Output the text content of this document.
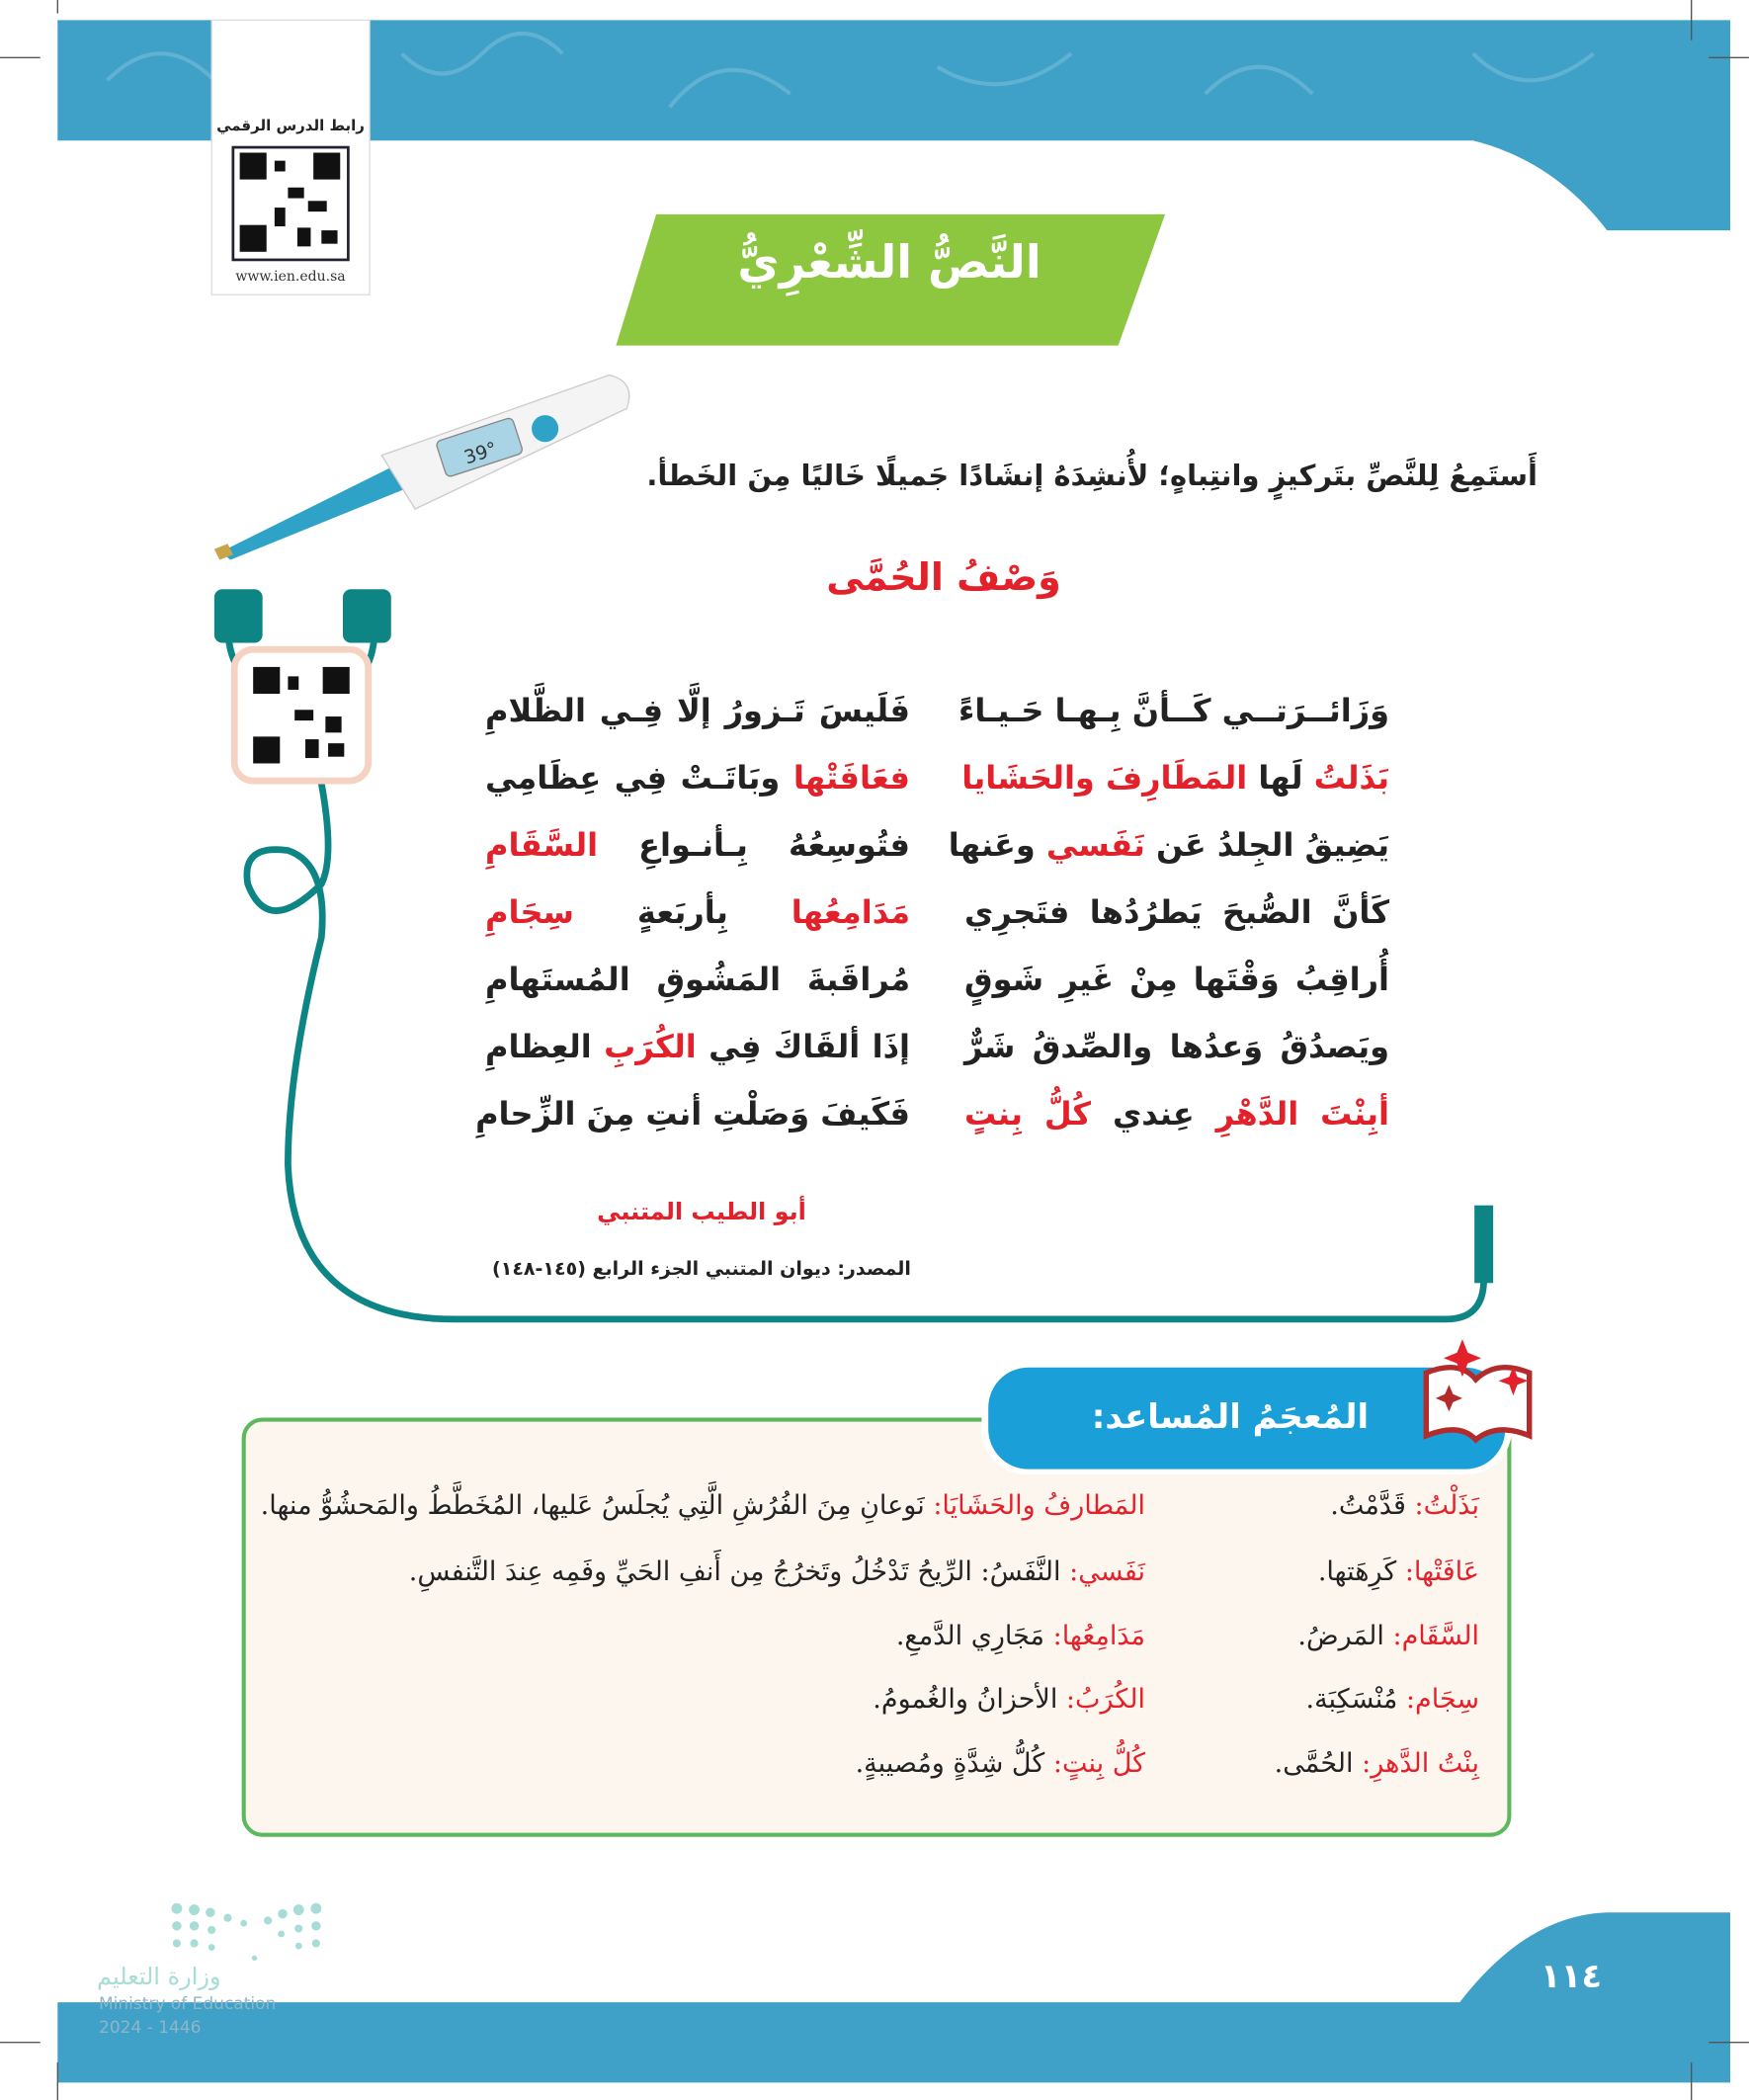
39°
رابط الدرس الرقمي
www.ien.edu.sa	النَّصُّ الشِّعْرِيُّ
أَستَمِعُ لِلنَّصِّ بتَركيزٍ وانتِباهٍ؛ لأُنشِدَهُ إنشَادًا جَميلًا خَاليًا مِنَ الخَطأ.
وَصْفُ الحُمَّى
وَزَائــرَتــي كَــأنَّ بِـهـا حَـيـاءً
فَلَيسَ تَـزورُ إلَّا فِـي الظَّلامِ
بَذَلتُ لَها المَطَارِفَ والحَشَايا
فعَافَتْها وبَاتَـتْ فِي عِظَامِي
يَضِيقُ الجِلدُ عَن نَفَسي وعَنها
فتُوسِعُهُ بِـأنـواعِ السَّقَامِ
كَأنَّ الصُّبحَ يَطرُدُها فتَجرِي
مَدَامِعُها بِأربَعةٍ سِجَامِ
أُراقِبُ وَقْتَها مِنْ غَيرِ شَوقٍ
مُراقَبةَ المَشُوقِ المُستَهامِ
ويَصدُقُ وَعدُها والصِّدقُ شَرٌّ
إذَا ألقَاكَ فِي الكُرَبِ العِظامِ
أبِنْتَ الدَّهْرِ عِندي كُلُّ بِنتٍ
فَكَيفَ وَصَلْتِ أنتِ مِنَ الزِّحامِ
أبو الطيب المتنبي
المصدر: ديوان المتنبي الجزء الرابع (١٤٥-١٤٨)
المُعجَمُ المُساعد:
بَذَلْتُ: قَدَّمْتُ.
عَافَتْها: كَرِهَتها.
السَّقَام: المَرضُ.
سِجَام: مُنْسَكِبَة.
بِنْتُ الدَّهرِ: الحُمَّى.
المَطارفُ والحَشَايَا: نَوعانِ مِنَ الفُرُشِ الَّتِي يُجلَسُ عَليها، المُخَطَّطُ والمَحشُوُّ منها.
نَفَسي: النَّفَسُ: الرِّيحُ تَدْخُلُ وتَخرُجُ مِن أَنفِ الحَيِّ وفَمِه عِندَ التَّنفسِ.
مَدَامِعُها: مَجَارِي الدَّمعِ.
الكُرَبُ: الأحزانُ والغُمومُ.
كُلُّ بِنتٍ: كُلُّ شِدَّةٍ ومُصيبةٍ.
١١٤
وزارة التعليم
Ministry of Education
2024 - 1446
